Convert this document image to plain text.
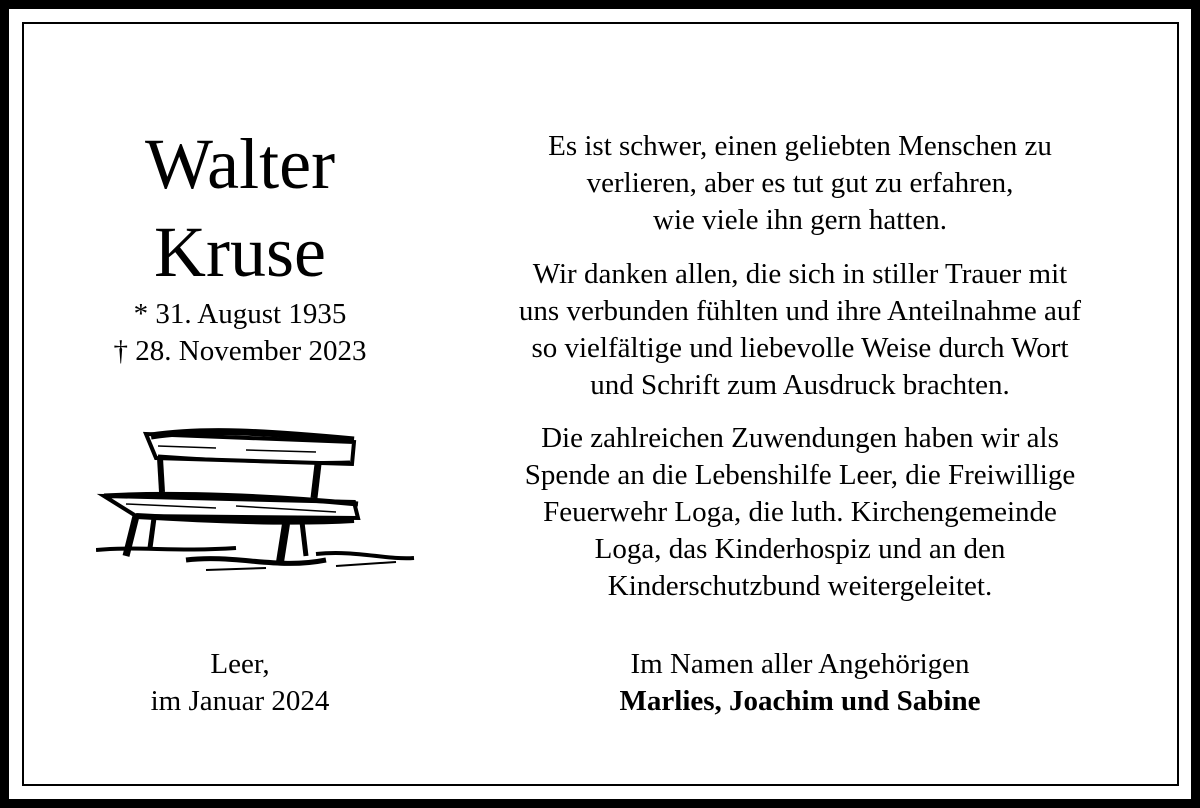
Walter
Kruse
* 31. August 1935
† 28. November 2023
Leer,
im Januar 2024
Es ist schwer, einen geliebten Menschen zu
verlieren, aber es tut gut zu erfahren,
wie viele ihn gern hatten.
Wir danken allen, die sich in stiller Trauer mit
uns verbunden fühlten und ihre Anteilnahme auf
so vielfältige und liebevolle Weise durch Wort
und Schrift zum Ausdruck brachten.
Die zahlreichen Zuwendungen haben wir als
Spende an die Lebenshilfe Leer, die Freiwillige
Feuerwehr Loga, die luth. Kirchengemeinde
Loga, das Kinderhospiz und an den
Kinderschutzbund weitergeleitet.
Im Namen aller Angehörigen
Marlies, Joachim und Sabine
